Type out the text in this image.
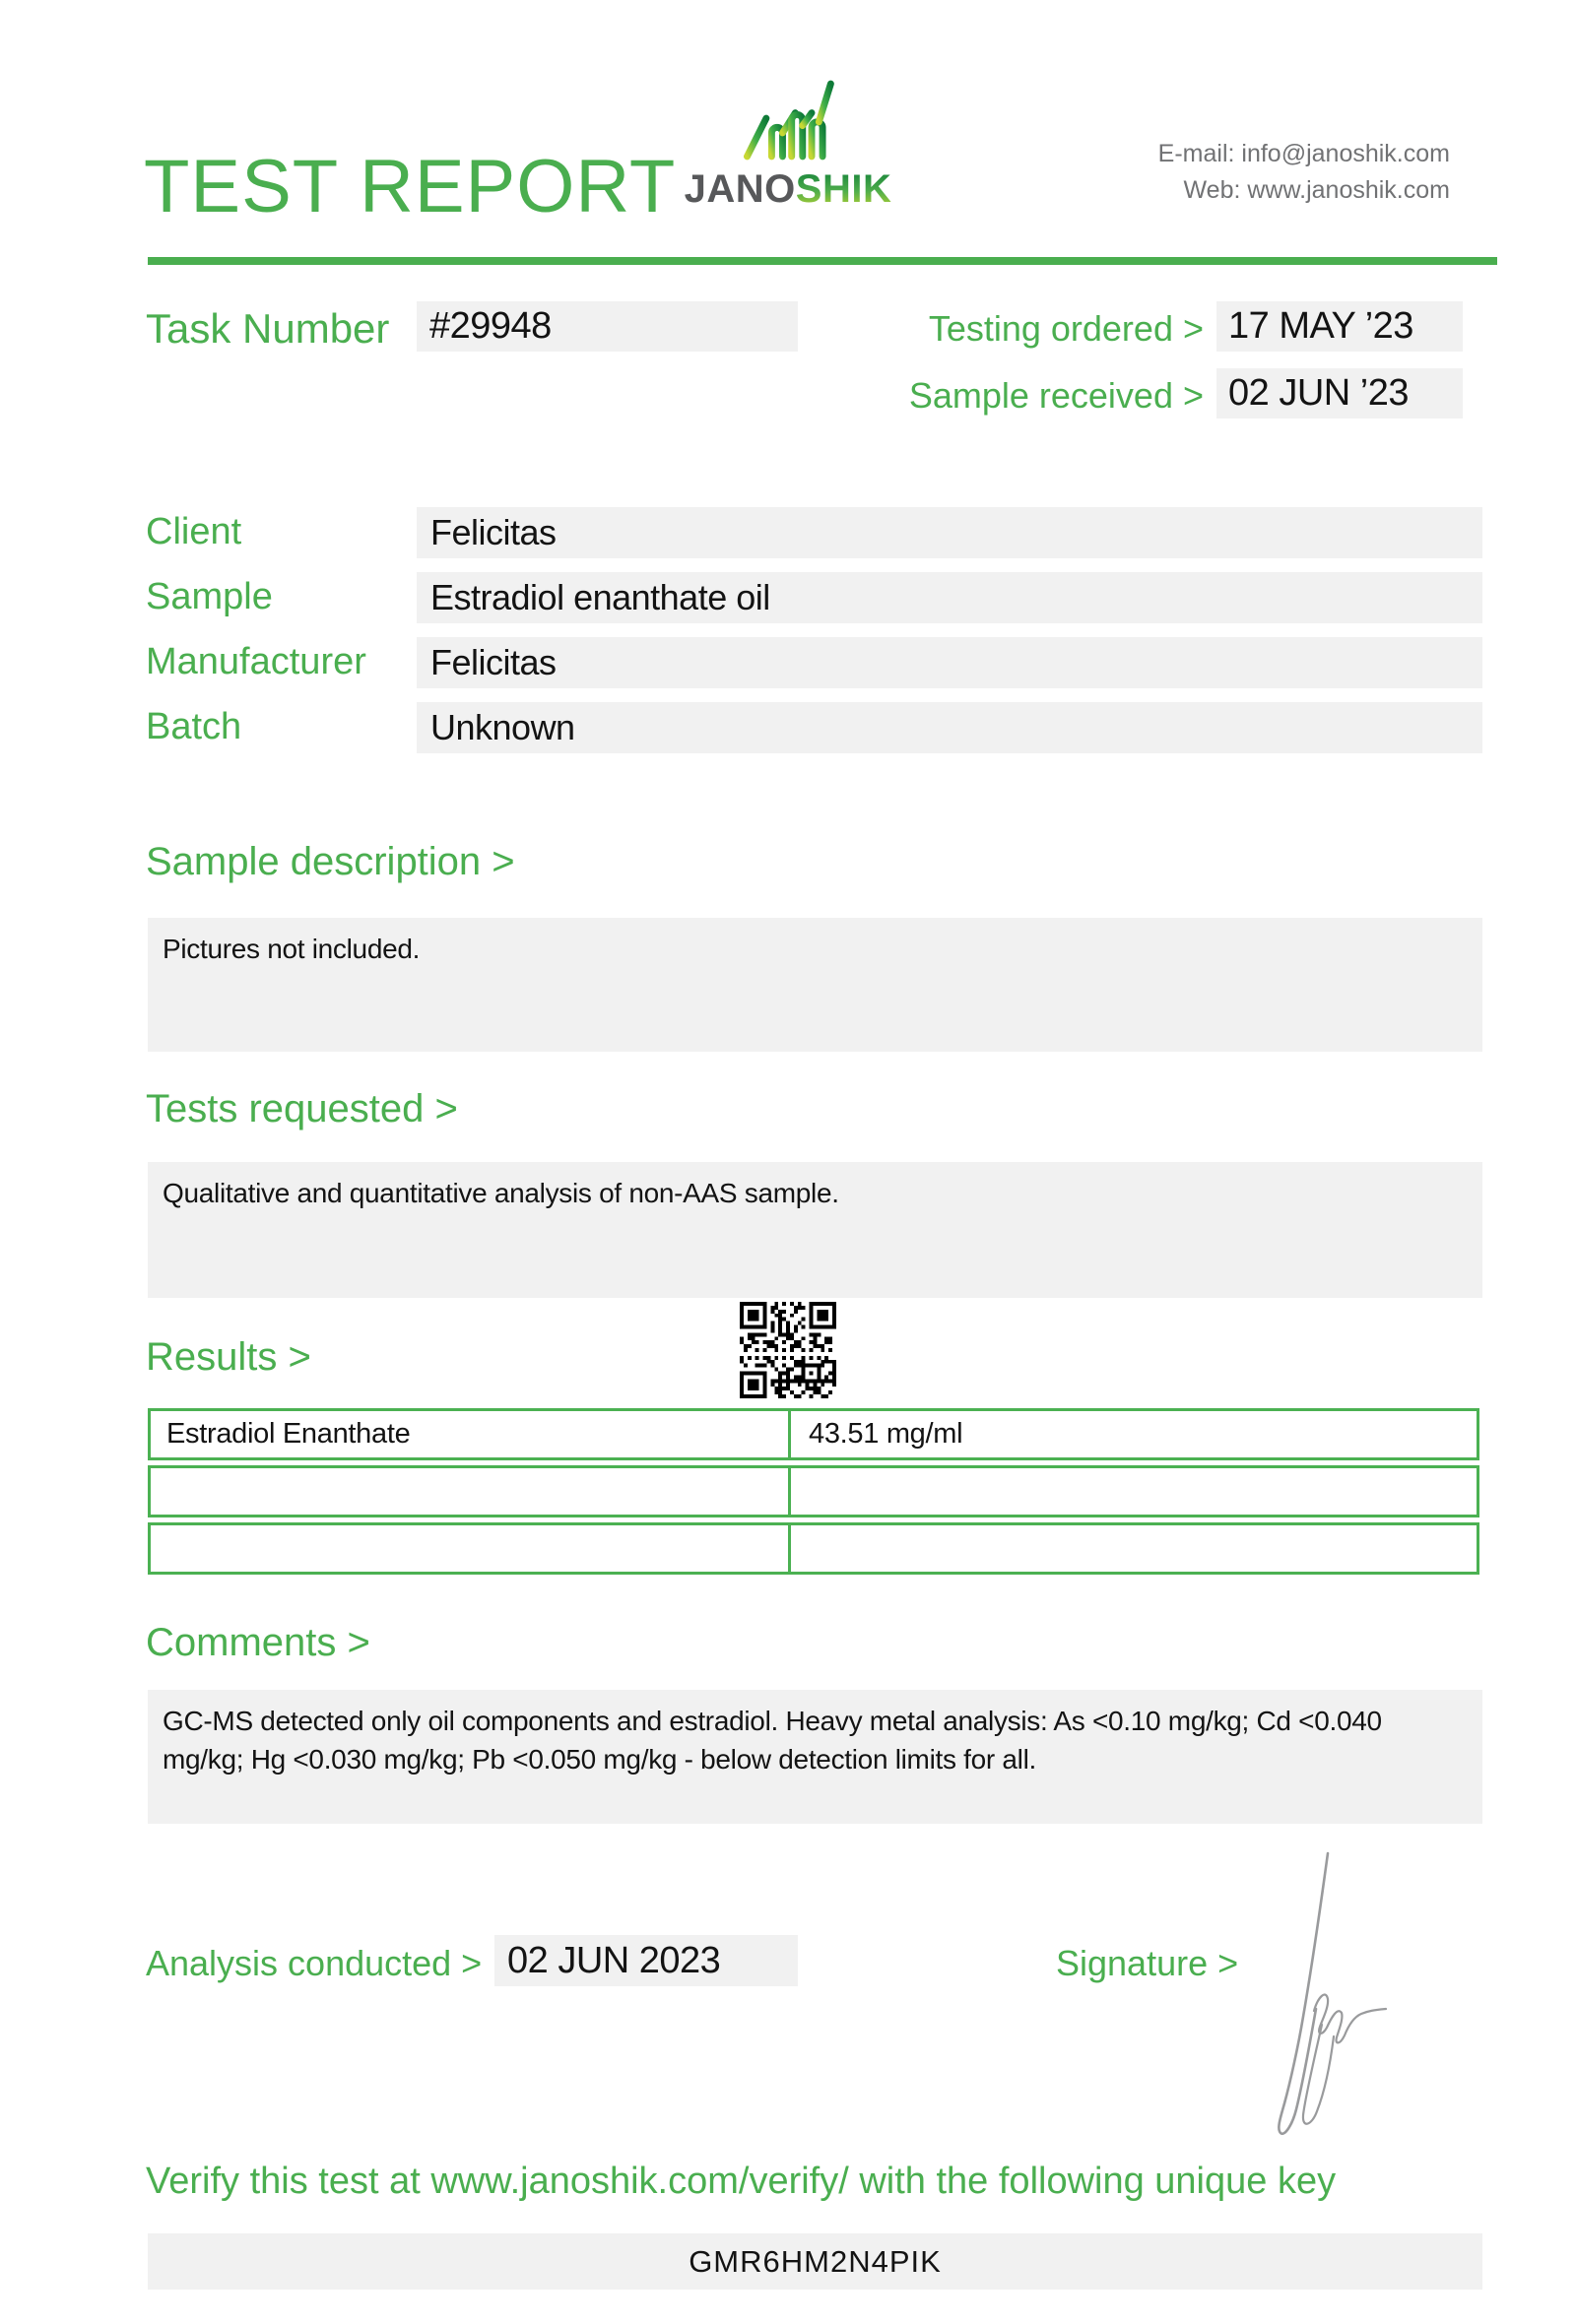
TEST REPORT JANOSHIK
E-mail: info@janoshik.com
Web: www.janoshik.com
Task Number	#29948	Testing ordered > 17 MAY ’23
Sample received > 02 JUN ’23
Client	Felicitas
Sample	Estradiol enanthate oil
Manufacturer	Felicitas
Batch	Unknown
Sample description >
Pictures not included.
Tests requested >
Qualitative and quantitative analysis of non-AAS sample.
Results >
Estradiol Enanthate	43.51 mg/ml
Comments >
GC-MS detected only oil components and estradiol. Heavy metal analysis: As <0.10 mg/kg; Cd <0.040 mg/kg; Hg <0.030 mg/kg; Pb <0.050 mg/kg - below detection limits for all.
Analysis conducted > 02 JUN 2023	Signature >
Verify this test at www.janoshik.com/verify/ with the following unique key
GMR6HM2N4PIK
